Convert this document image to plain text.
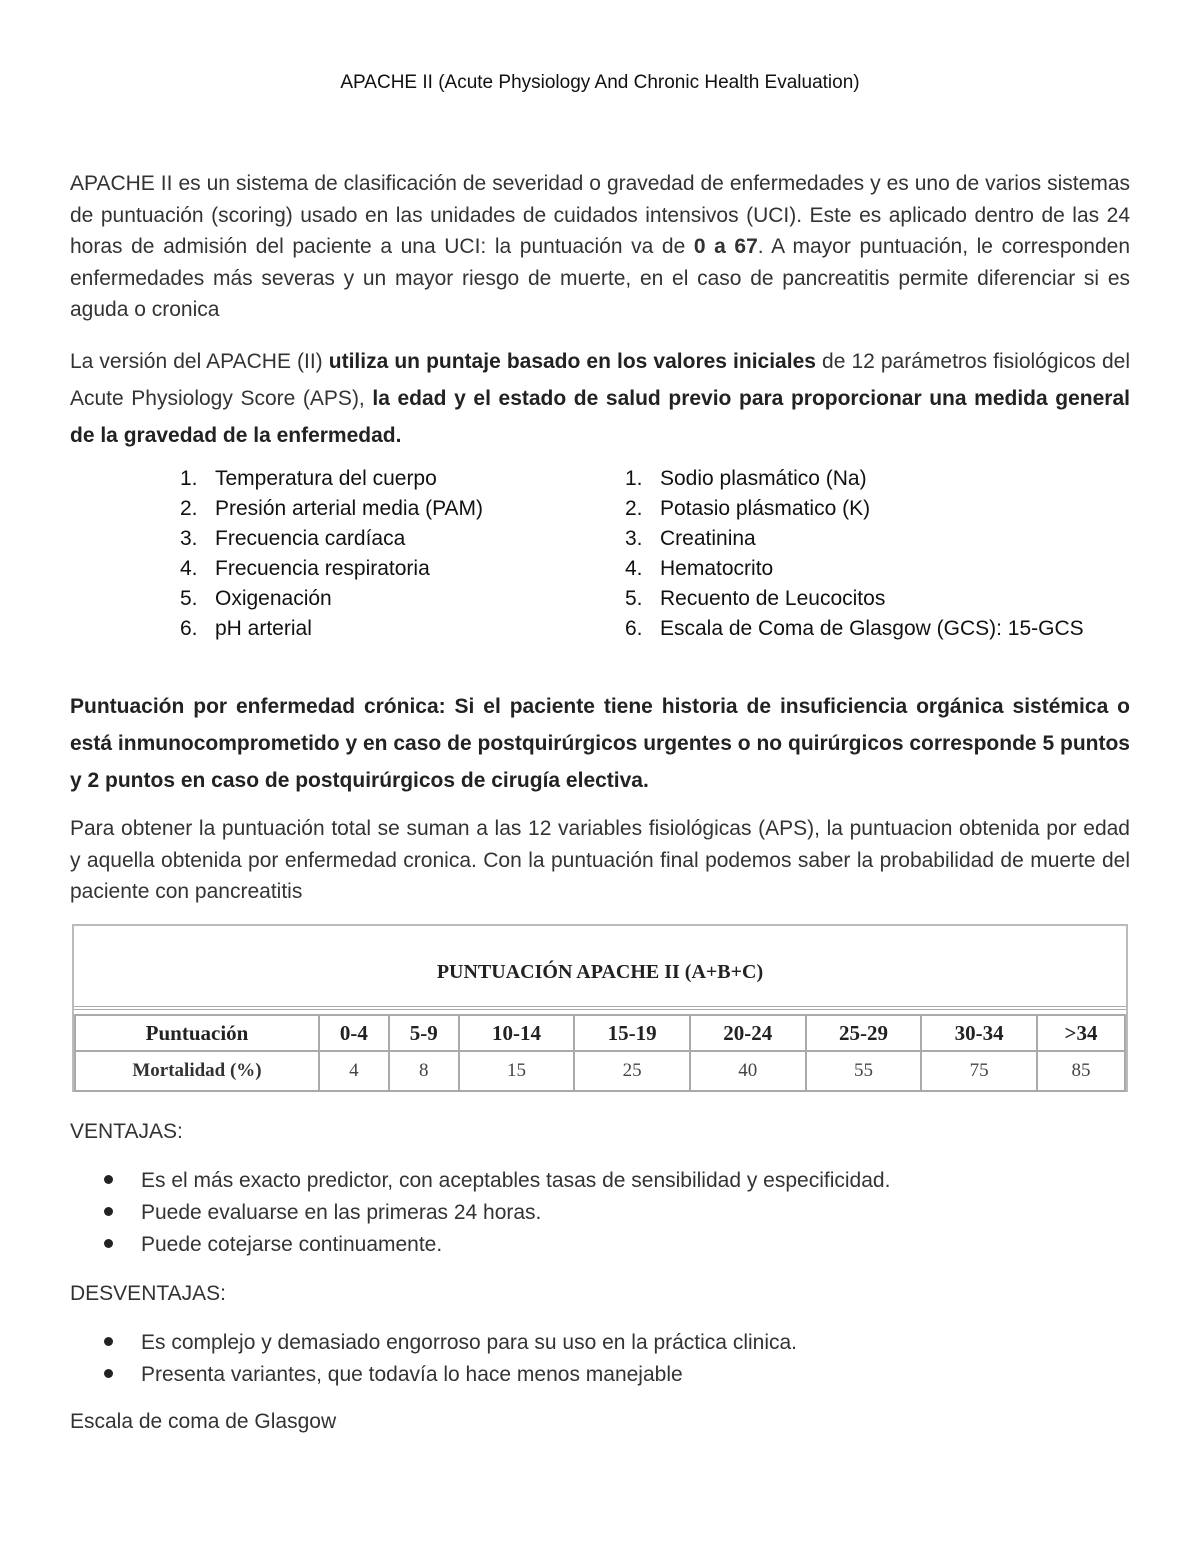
APACHE II (Acute Physiology And Chronic Health Evaluation)
APACHE II es un sistema de clasificación de severidad o gravedad de enfermedades y es uno de varios sistemas de puntuación (scoring) usado en las unidades de cuidados intensivos (UCI). Este es aplicado dentro de las 24 horas de admisión del paciente a una UCI: la puntuación va de 0 a 67. A mayor puntuación, le corresponden enfermedades más severas y un mayor riesgo de muerte, en el caso de pancreatitis permite diferenciar si es aguda o cronica
La versión del APACHE (II) utiliza un puntaje basado en los valores iniciales de 12 parámetros fisiológicos del Acute Physiology Score (APS), la edad y el estado de salud previo para proporcionar una medida general de la gravedad de la enfermedad.
1. Temperatura del cuerpo
2. Presión arterial media (PAM)
3. Frecuencia cardíaca
4. Frecuencia respiratoria
5. Oxigenación
6. pH arterial
1. Sodio plasmático (Na)
2. Potasio plásmatico (K)
3. Creatinina
4. Hematocrito
5. Recuento de Leucocitos
6. Escala de Coma de Glasgow (GCS): 15-GCS
Puntuación por enfermedad crónica: Si el paciente tiene historia de insuficiencia orgánica sistémica o está inmunocomprometido y en caso de postquirúrgicos urgentes o no quirúrgicos corresponde 5 puntos y 2 puntos en caso de postquirúrgicos de cirugía electiva.
Para obtener la puntuación total se suman a las 12 variables fisiológicas (APS), la puntuacion obtenida por edad y aquella obtenida por enfermedad cronica. Con la puntuación final podemos saber la probabilidad de muerte del paciente con pancreatitis
PUNTUACIÓN APACHE II (A+B+C)
Puntuación	0-4	5-9	10-14	15-19	20-24	25-29	30-34	>34
Mortalidad (%)	4	8	15	25	40	55	75	85
VENTAJAS:
Es el más exacto predictor, con aceptables tasas de sensibilidad y especificidad.
Puede evaluarse en las primeras 24 horas.
Puede cotejarse continuamente.
DESVENTAJAS:
Es complejo y demasiado engorroso para su uso en la práctica clinica.
Presenta variantes, que todavía lo hace menos manejable
Escala de coma de Glasgow
